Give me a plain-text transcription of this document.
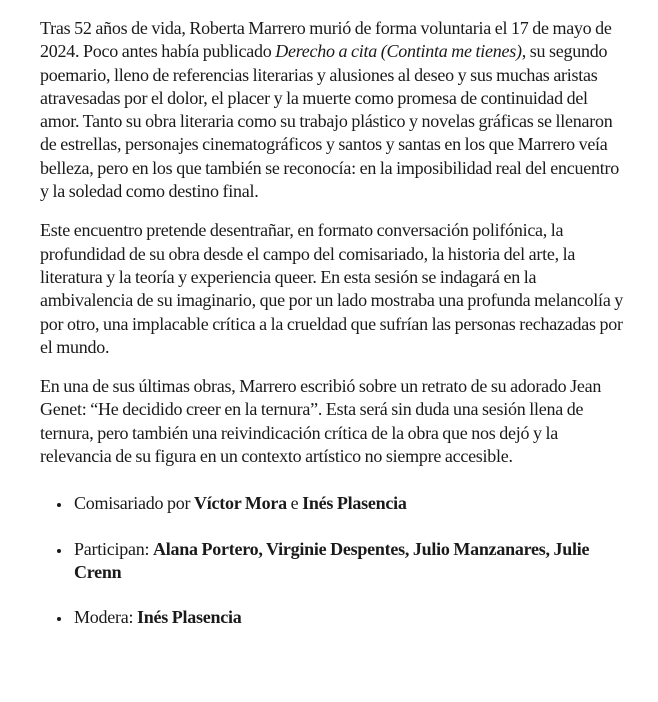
Tras 52 años de vida, Roberta Marrero murió de forma voluntaria el 17 de mayo de 2024. Poco antes había publicado Derecho a cita (Continta me tienes), su segundo poemario, lleno de referencias literarias y alusiones al deseo y sus muchas aristas atravesadas por el dolor, el placer y la muerte como promesa de continuidad del amor. Tanto su obra literaria como su trabajo plástico y novelas gráficas se llenaron de estrellas, personajes cinematográficos y santos y santas en los que Marrero veía belleza, pero en los que también se reconocía: en la imposibilidad real del encuentro y la soledad como destino final.

Este encuentro pretende desentrañar, en formato conversación polifónica, la profundidad de su obra desde el campo del comisariado, la historia del arte, la literatura y la teoría y experiencia queer. En esta sesión se indagará en la ambivalencia de su imaginario, que por un lado mostraba una profunda melancolía y por otro, una implacable crítica a la crueldad que sufrían las personas rechazadas por el mundo.

En una de sus últimas obras, Marrero escribió sobre un retrato de su adorado Jean Genet: “He decidido creer en la ternura”. Esta será sin duda una sesión llena de ternura, pero también una reivindicación crítica de la obra que nos dejó y la relevancia de su figura en un contexto artístico no siempre accesible.

• Comisariado por Víctor Mora e Inés Plasencia
• Participan: Alana Portero, Virginie Despentes, Julio Manzanares, Julie Crenn
• Modera: Inés Plasencia
